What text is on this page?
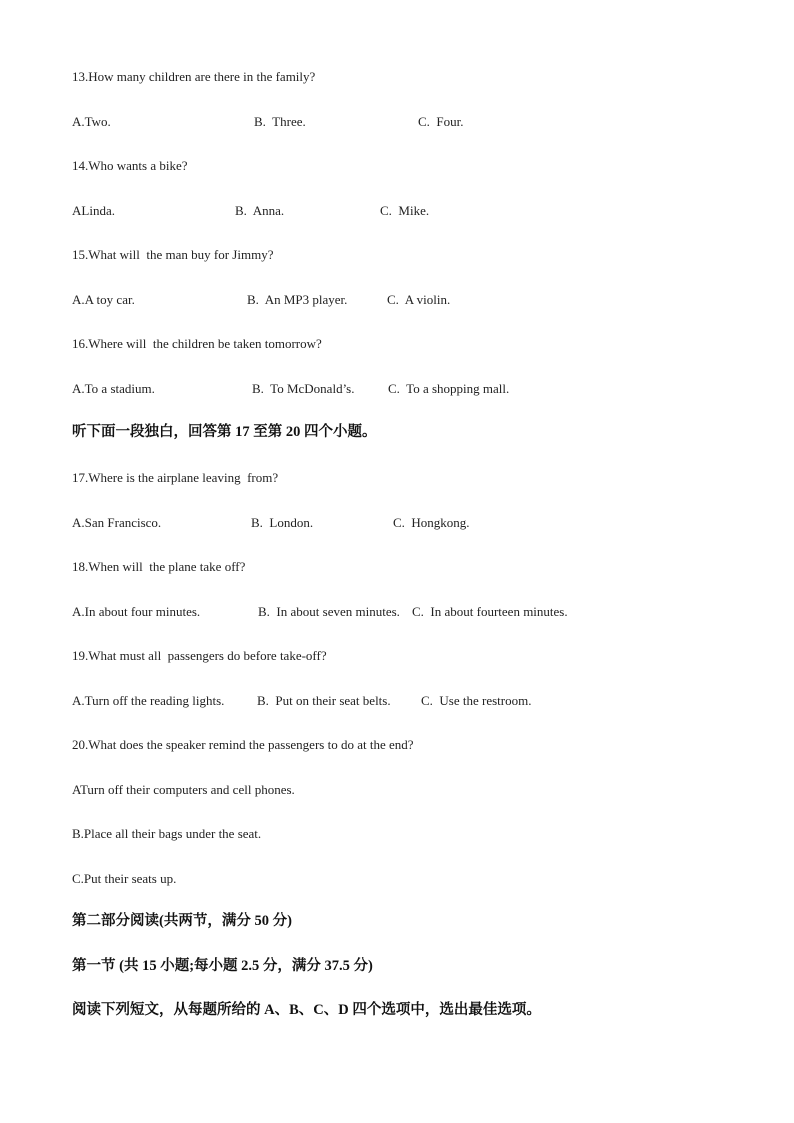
13.How many children are there in the family?

A.Two.

	B.  Three.

	C.  Four.

14.Who wants a bike?

ALinda.

	B.  Anna.

	C.  Mike.

15.What will  the man buy for Jimmy?

A.A toy car.

	B.  An MP3 player.

	C.  A violin.

16.Where will  the children be taken tomorrow?

A.To a stadium.

	B.  To McDonald’s.

	C.  To a shopping mall.

听下面一段独白，回答第 17 至第 20 四个小题。
17.Where is the airplane leaving  from?

A.San Francisco.

	B.  London.

	C.  Hongkong.

18.When will  the plane take off?

A.In about four minutes.

	B.  In about seven minutes.

C.  In about fourteen minutes.

19.What must all  passengers do before take-off?

A.Turn off the reading lights.

	B.  Put on their seat belts.

C.  Use the restroom.

20.What does the speaker remind the passengers to do at the end?
ATurn off their computers and cell phones.
B.Place all their bags under the seat.
C.Put their seats up.
第二部分阅读(共两节，满分 50 分)
第一节 (共 15 小题;每小题 2.5 分，满分 37.5 分)
阅读下列短文，从每题所给的 A、B、C、D 四个选项中，选出最佳选项。
